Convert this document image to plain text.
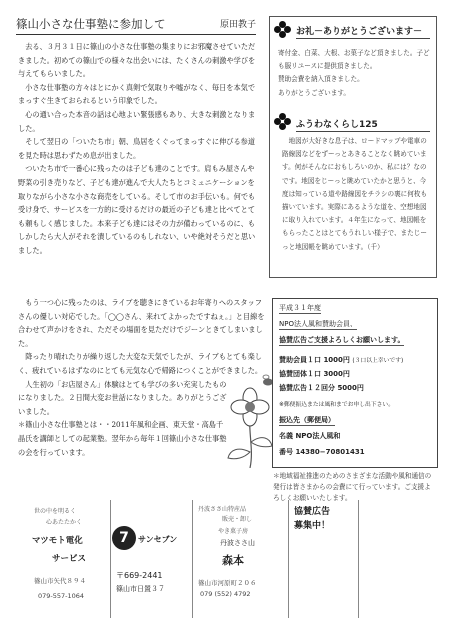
篠山小さな仕事塾に参加して	原田教子

去る、３月３１日に篠山の小さな仕事塾の集まりにお邪魔させていただきました。初めての篠山での様々な出会いには、たくさんの刺激や学びを与えてもらいました。

小さな仕事塾の方々はとにかく真剣で気取りや嘘がなく、毎日を本気でまっすぐ生きておられるという印象でした。

心の通い合った本音の話は心地よい緊張感もあり、大きな刺激となりました。

そして翌日の「ついたち市」朝、鳥居をくぐってまっすぐに伸びる参道を見た時は思わずため息が出ました。

ついたち市で一番心に残ったのは子ども達のことです。肩もみ屋さんや野菜の引き売りなど、子ども達が進んで大人たちとコミュニケーションを取りながら小さな小さな商売をしている。そして市のお手伝いも。何でも受け身で、サービスを一方的に受けるだけの最近の子ども達と比べてとても頼もしく感じました。本来子ども達にはその力が備わっているのに、もしかしたら大人がそれを潰しているのもしれない、いや絶対そうだと思いました。

もう一つ心に残ったのは、ライブを聴きにきているお年寄りへのスタッフさんの優しい対応でした。「◯◯さん、来れてよかったですねぇ。」と目線を合わせて声かけをされ、ただその場面を見ただけでジーンときてしまいました。

降ったり晴れたりが繰り返した大変な天気でしたが、ライブもとても楽しく、疲れているはずなのにとても元気な心で帰路につくことができました。

人生初の「お店屋さん」体験はとても学びの多い充実したものになりました。２日間大変お世話になりました。ありがとうございました。

＊篠山小さな仕事塾とは・・2011年風和企画、東天堂・高島千晶氏を講師としての起業塾。翌年から毎年１回篠山小さな仕事塾の会を行っています。

お礼－ありがとうございます－

寄付金、白菜、大根、お菓子など頂きました。子ども服リユースに提供頂きました。

賛助会費を納入頂きました。

ありがとうございます。

ふうわなくらし125
地図が大好きな息子は、ロードマップや電車の路線図などをずーっとあきることなく眺めています。何がそんなにおもしろいのか、私には？なのです。地図をじーっと眺めていたかと思うと、今度は知っている道や路線図をチラシの裏に何枚も描いています。実際にあるような道を、空想地図に取り入れています。４年生になって、地図帳をもらったことはとてもうれしい様子で、またじーっと地図帳を眺めています。（千）
平成３１年度
NPO法人風和賛助会員、
協賛広告ご支援よろしくお願いします。
賛助会員１口 1000円 (３口以上幸いです)
協賛団体１口 3000円
協賛広告１２回分 5000円
※郵便振込または風和までお申し出下さい。
振込先（郵便局）
名義 NPO法人風和
番号 14380−70801431
＊地域福祉推進のためのさまざまな活動や風和通信の発行は皆さまからの会費にて行っています。ご支援よろしくお願いいたします。
世の中を明るく
心あたたかく
マツモト電化
サービス
篠山市矢代８９４
079-557-1064
7	サンセブン
〒669-2441
篠山市日置３７
丹波ささ山特産品
販売・卸し
やき菓子房
丹波ささ山
森本
篠山市河原町２０６
079 (552) 4792
協賛広告
募集中！
